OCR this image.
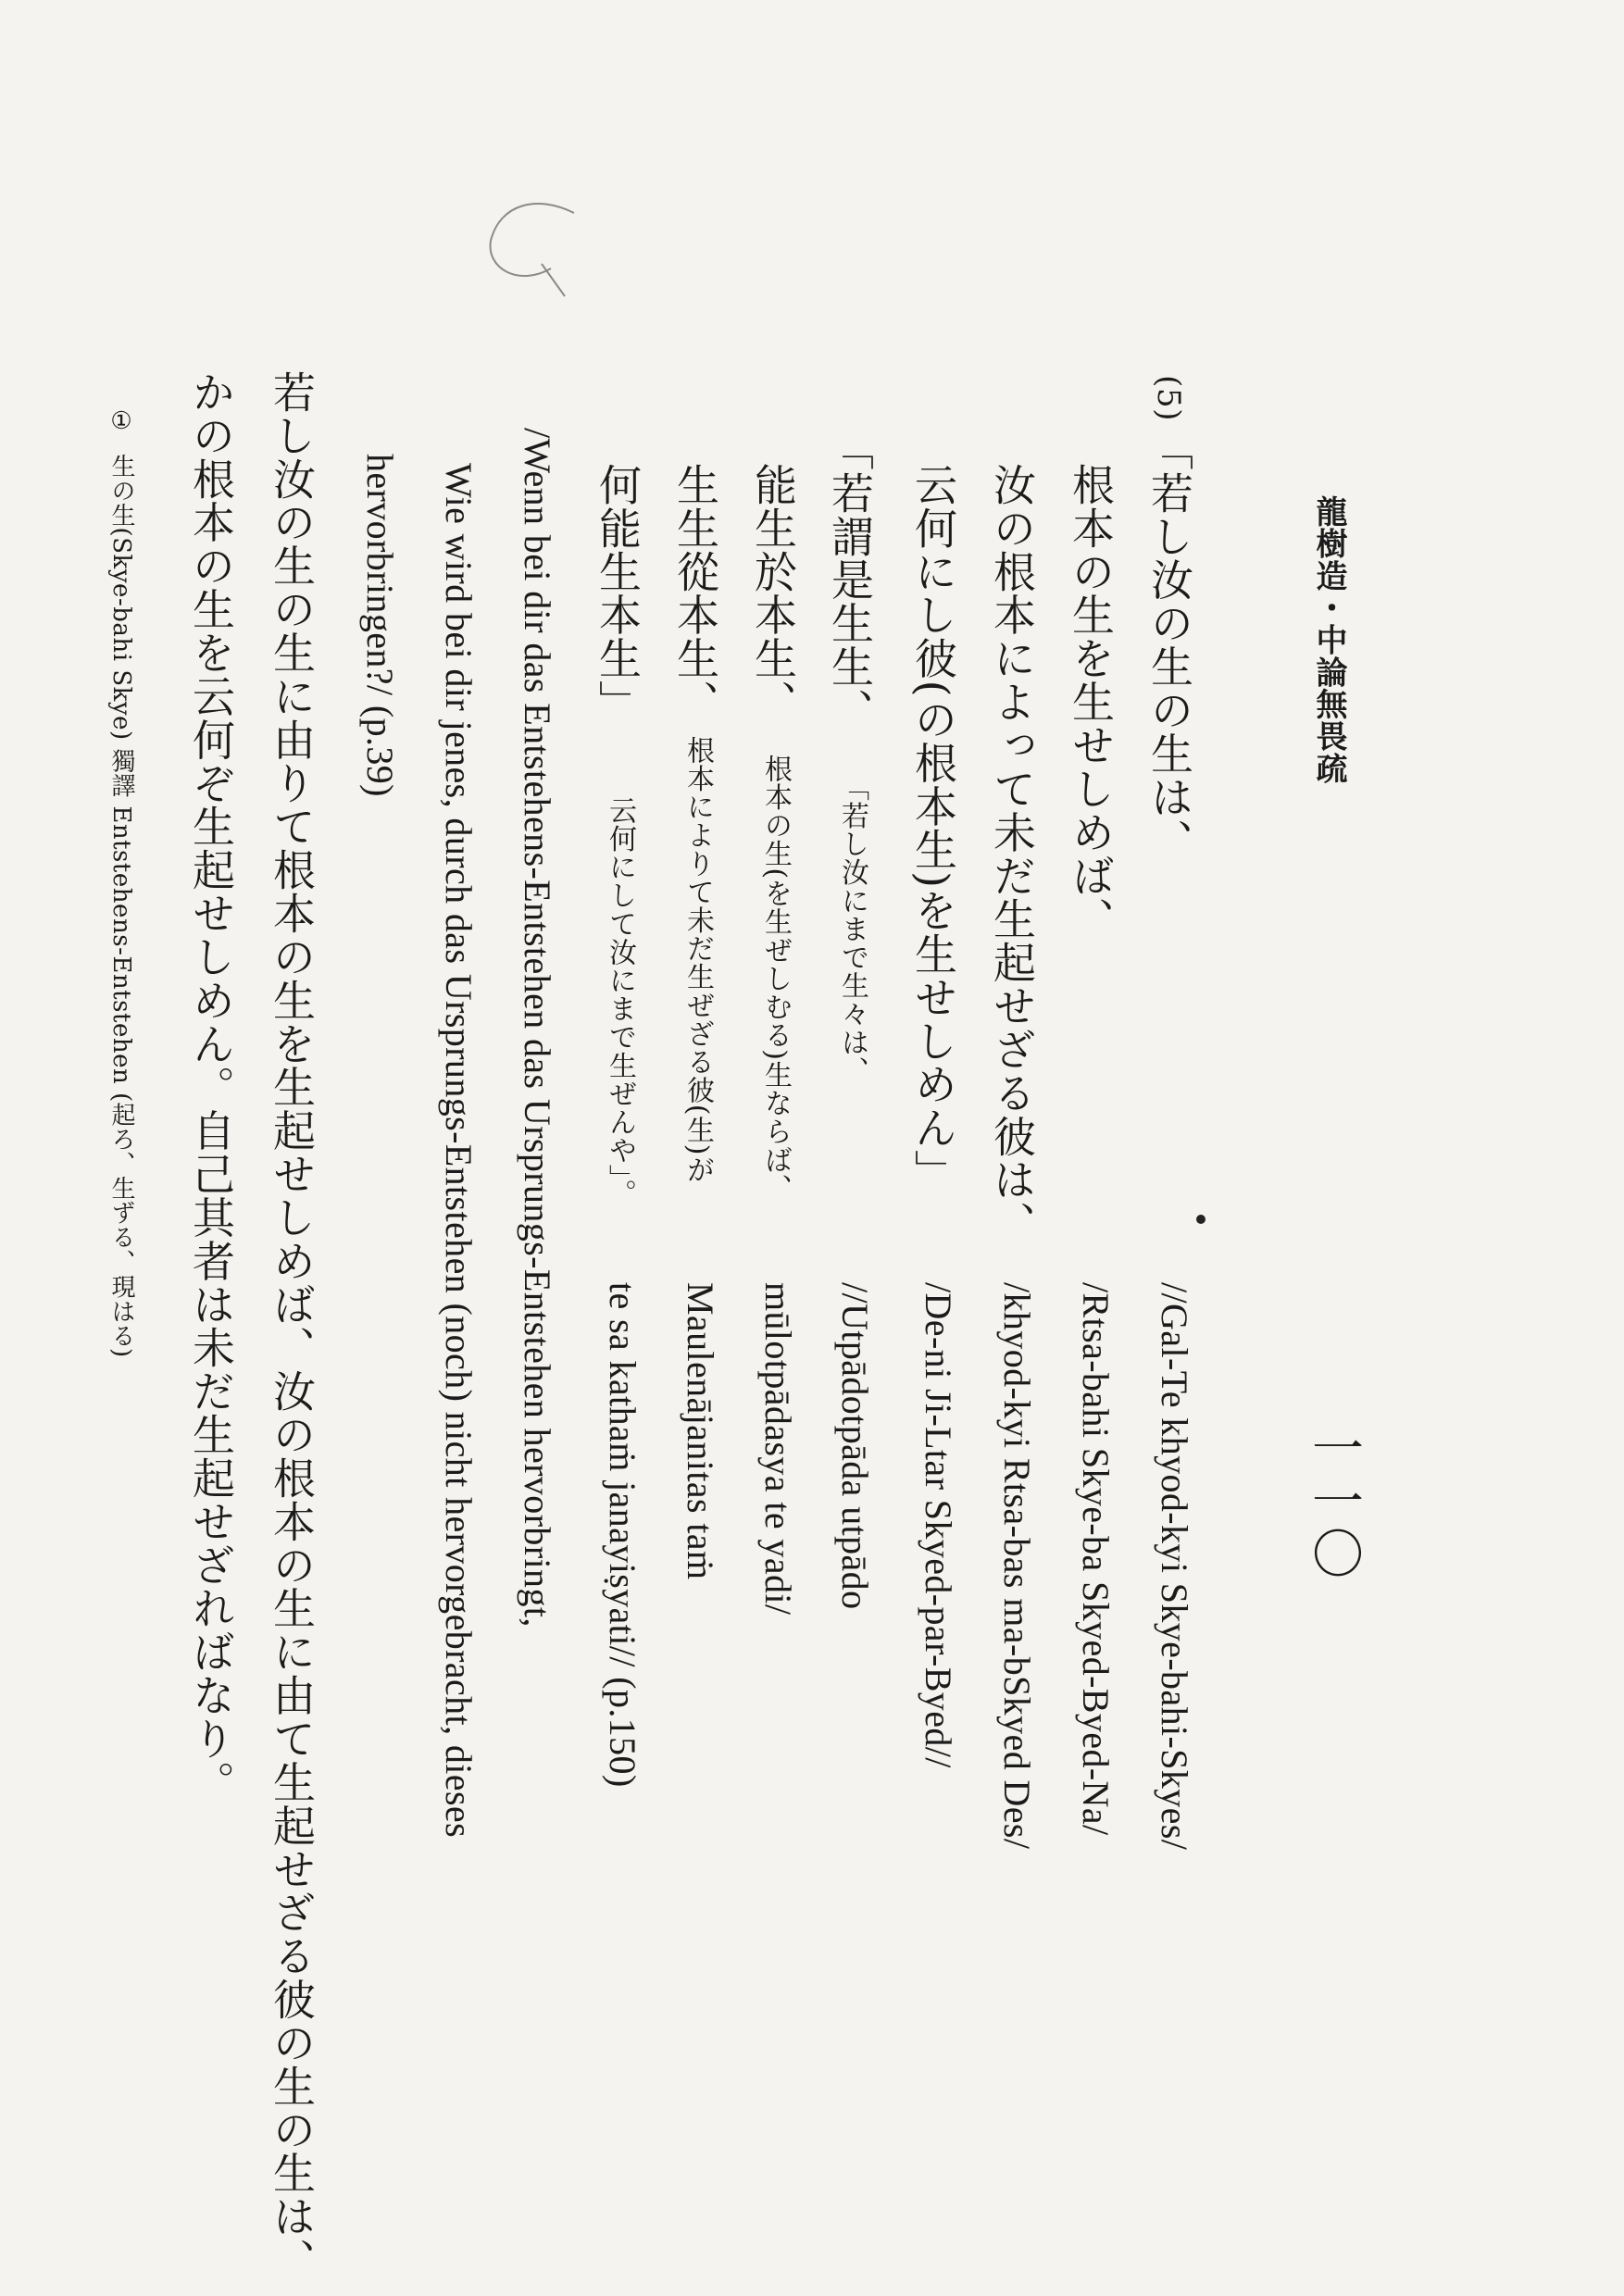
龍樹造・中論無畏疏
一一〇
(5)
「若し汝の生の生は、
根本の生を生せしめば、
汝の根本によって未だ生起せざる彼は、
云何にし彼(の根本生)を生せしめん」
//Gal-Te khyod-kyi Skye-bahi-Skyes/
/Rtsa-bahi Skye-ba Skyed-Byed-Na/
/khyod-kyi Rtsa-bas ma-bSkyed Des/
/De-ni Ji-Ltar Skyed-par-Byed//
「若謂是生生、
能生於本生、
生生從本生、
何能生本生」
「若し汝にまで生々は、
根本の生(を生ぜしむる)生ならば、
根本によりて未だ生ぜざる彼(生)が
云何にして汝にまで生ぜんや」。
//Utpādotpāda utpādo
mūlotpādasya te yadi/
Maulenājanitas taṁ
te sa kathaṁ janayiṣyati// (p.150)
/Wenn bei dir das Entstehens-Entstehen das Ursprungs-Entstehen hervorbringt,
Wie wird bei dir jenes, durch das Ursprungs-Entstehen (noch) nicht hervorgebracht, dieses
hervorbringen?/ (p.39)
若し汝の生の生に由りて根本の生を生起せしめば、汝の根本の生に由て生起せざる彼の生の生は、
かの根本の生を云何ぞ生起せしめん。自己其者は未だ生起せざればなり。
①
生の生(Skye-bahi Skye) 獨譯 Entstehens-Entstehen (起ろ、生ずる、現はる)
